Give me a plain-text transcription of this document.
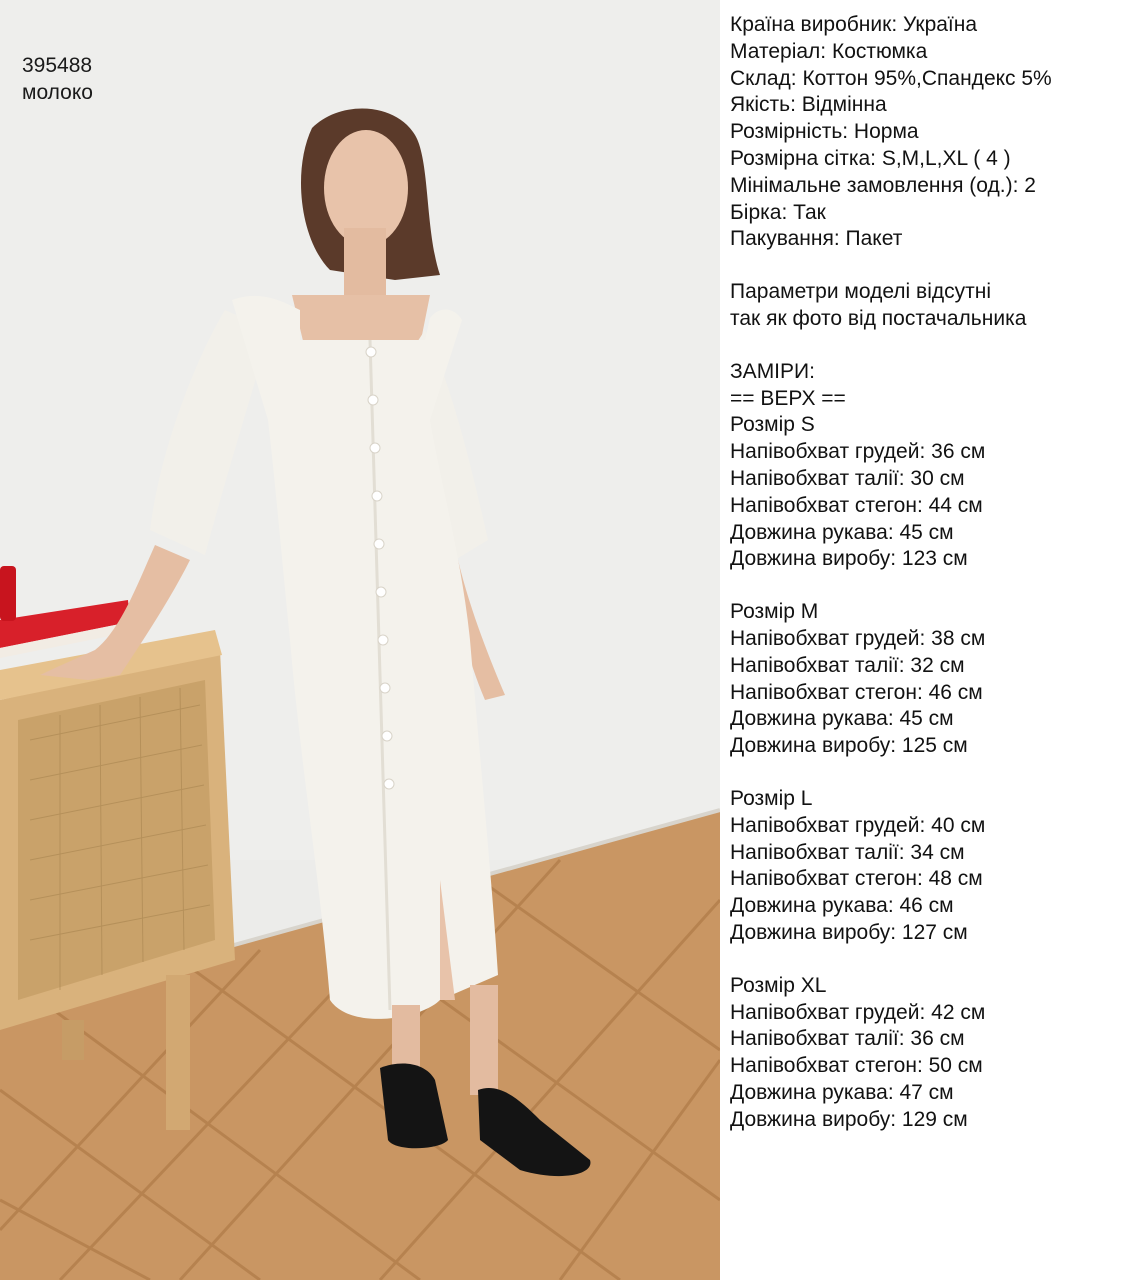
395488
молоко
Країна виробник: Україна
Матеріал: Костюмка
Склад: Коттон 95%,Спандекс 5%
Якість: Відмінна
Розмірність: Норма
Розмірна сітка: S,M,L,XL ( 4 )
Мінімальне замовлення (од.): 2
Бірка: Так
Пакування: Пакет
Параметри моделі відсутні
так як фото від постачальника
ЗАМІРИ:
== ВЕРХ ==
Розмір S
Напівобхват грудей: 36 см
Напівобхват талії: 30 см
Напівобхват стегон: 44 см
Довжина рукава: 45 см
Довжина виробу: 123 см
Розмір M
Напівобхват грудей: 38 см
Напівобхват талії: 32 см
Напівобхват стегон: 46 см
Довжина рукава: 45 см
Довжина виробу: 125 см
Розмір L
Напівобхват грудей: 40 см
Напівобхват талії: 34 см
Напівобхват стегон: 48 см
Довжина рукава: 46 см
Довжина виробу: 127 см
Розмір XL
Напівобхват грудей: 42 см
Напівобхват талії: 36 см
Напівобхват стегон: 50 см
Довжина рукава: 47 см
Довжина виробу: 129 см
